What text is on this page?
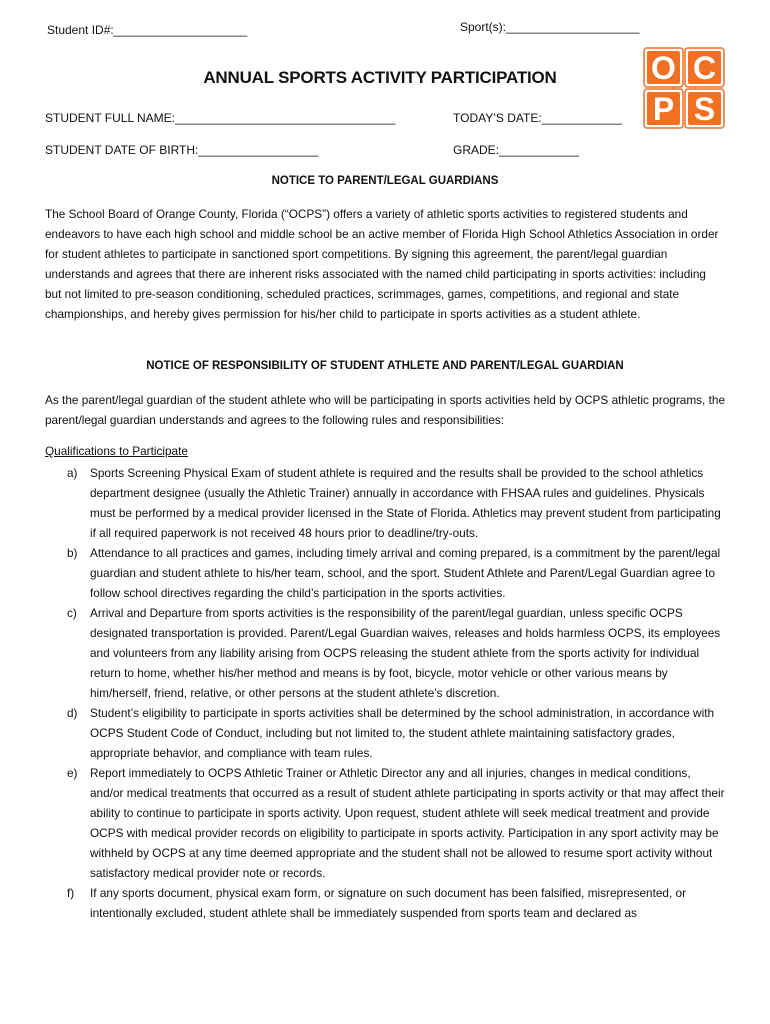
Student ID#:____________________	Sport(s):____________________
O C
P S
ANNUAL SPORTS ACTIVITY PARTICIPATION
STUDENT FULL NAME:_________________________________	TODAY’S DATE:____________
STUDENT DATE OF BIRTH:__________________	GRADE:____________
NOTICE TO PARENT/LEGAL GUARDIANS
The School Board of Orange County, Florida (“OCPS”) offers a variety of athletic sports activities to registered students and endeavors to have each high school and middle school be an active member of Florida High School Athletics Association in order for student athletes to participate in sanctioned sport competitions. By signing this agreement, the parent/legal guardian understands and agrees that there are inherent risks associated with the named child participating in sports activities: including but not limited to pre-season conditioning, scheduled practices, scrimmages, games, competitions, and regional and state championships, and hereby gives permission for his/her child to participate in sports activities as a student athlete.
NOTICE OF RESPONSIBILITY OF STUDENT ATHLETE AND PARENT/LEGAL GUARDIAN
As the parent/legal guardian of the student athlete who will be participating in sports activities held by OCPS athletic programs, the parent/legal guardian understands and agrees to the following rules and responsibilities:
Qualifications to Participate
a) Sports Screening Physical Exam of student athlete is required and the results shall be provided to the school athletics department designee (usually the Athletic Trainer) annually in accordance with FHSAA rules and guidelines. Physicals must be performed by a medical provider licensed in the State of Florida. Athletics may prevent student from participating if all required paperwork is not received 48 hours prior to deadline/try-outs.
b) Attendance to all practices and games, including timely arrival and coming prepared, is a commitment by the parent/legal guardian and student athlete to his/her team, school, and the sport. Student Athlete and Parent/Legal Guardian agree to follow school directives regarding the child’s participation in the sports activities.
c) Arrival and Departure from sports activities is the responsibility of the parent/legal guardian, unless specific OCPS designated transportation is provided. Parent/Legal Guardian waives, releases and holds harmless OCPS, its employees and volunteers from any liability arising from OCPS releasing the student athlete from the sports activity for individual return to home, whether his/her method and means is by foot, bicycle, motor vehicle or other various means by him/herself, friend, relative, or other persons at the student athlete’s discretion.
d) Student’s eligibility to participate in sports activities shall be determined by the school administration, in accordance with OCPS Student Code of Conduct, including but not limited to, the student athlete maintaining satisfactory grades, appropriate behavior, and compliance with team rules.
e) Report immediately to OCPS Athletic Trainer or Athletic Director any and all injuries, changes in medical conditions, and/or medical treatments that occurred as a result of student athlete participating in sports activity or that may affect their ability to continue to participate in sports activity. Upon request, student athlete will seek medical treatment and provide OCPS with medical provider records on eligibility to participate in sports activity. Participation in any sport activity may be withheld by OCPS at any time deemed appropriate and the student shall not be allowed to resume sport activity without satisfactory medical provider note or records.
f) If any sports document, physical exam form, or signature on such document has been falsified, misrepresented, or intentionally excluded, student athlete shall be immediately suspended from sports team and declared as
